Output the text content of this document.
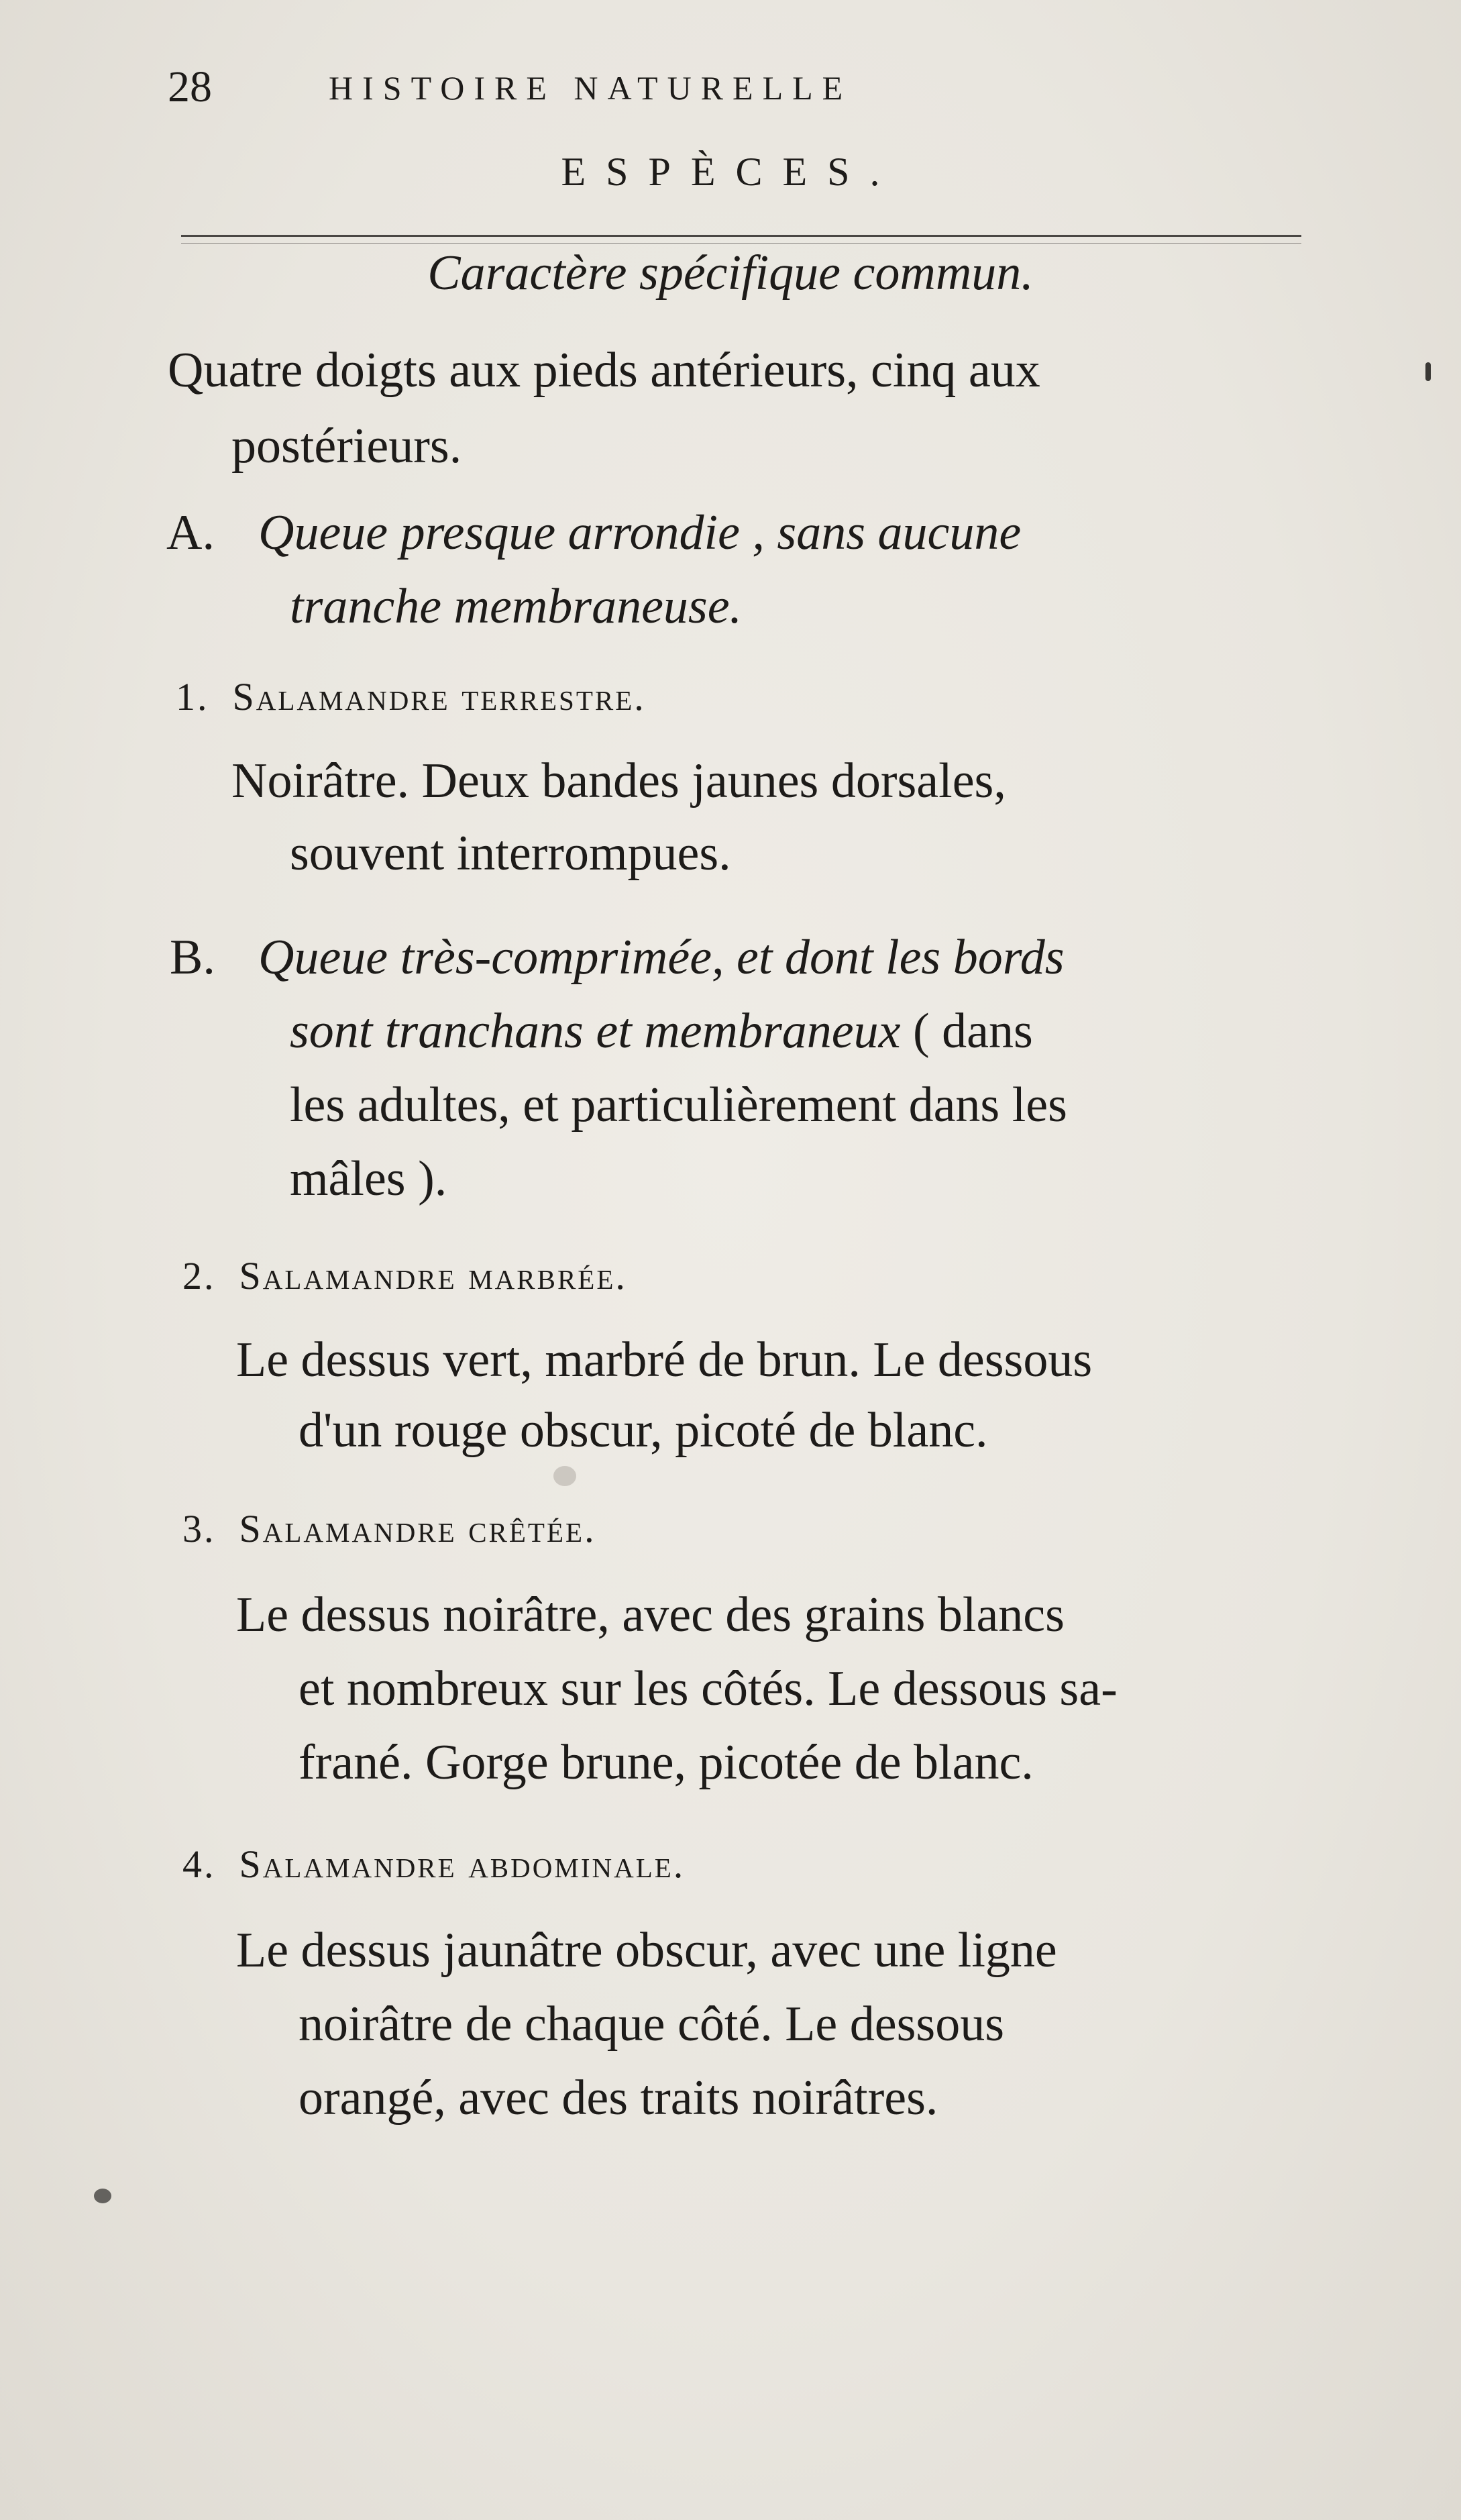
28	HISTOIRE NATURELLE
ESPÈCES.
Caractère spécifique commun.
Quatre doigts aux pieds antérieurs, cinq aux
postérieurs.
A. Queue presque arrondie , sans aucune
tranche membraneuse.
1. Salamandre terrestre.
Noirâtre. Deux bandes jaunes dorsales,
souvent interrompues.
B. Queue très-comprimée, et dont les bords
sont tranchans et membraneux ( dans
les adultes, et particulièrement dans les
mâles ).
2. Salamandre marbrée.
Le dessus vert, marbré de brun. Le dessous
d'un rouge obscur, picoté de blanc.
3. Salamandre crêtée.
Le dessus noirâtre, avec des grains blancs
et nombreux sur les côtés. Le dessous sa-
frané. Gorge brune, picotée de blanc.
4. Salamandre abdominale.
Le dessus jaunâtre obscur, avec une ligne
noirâtre de chaque côté. Le dessous
orangé, avec des traits noirâtres.
